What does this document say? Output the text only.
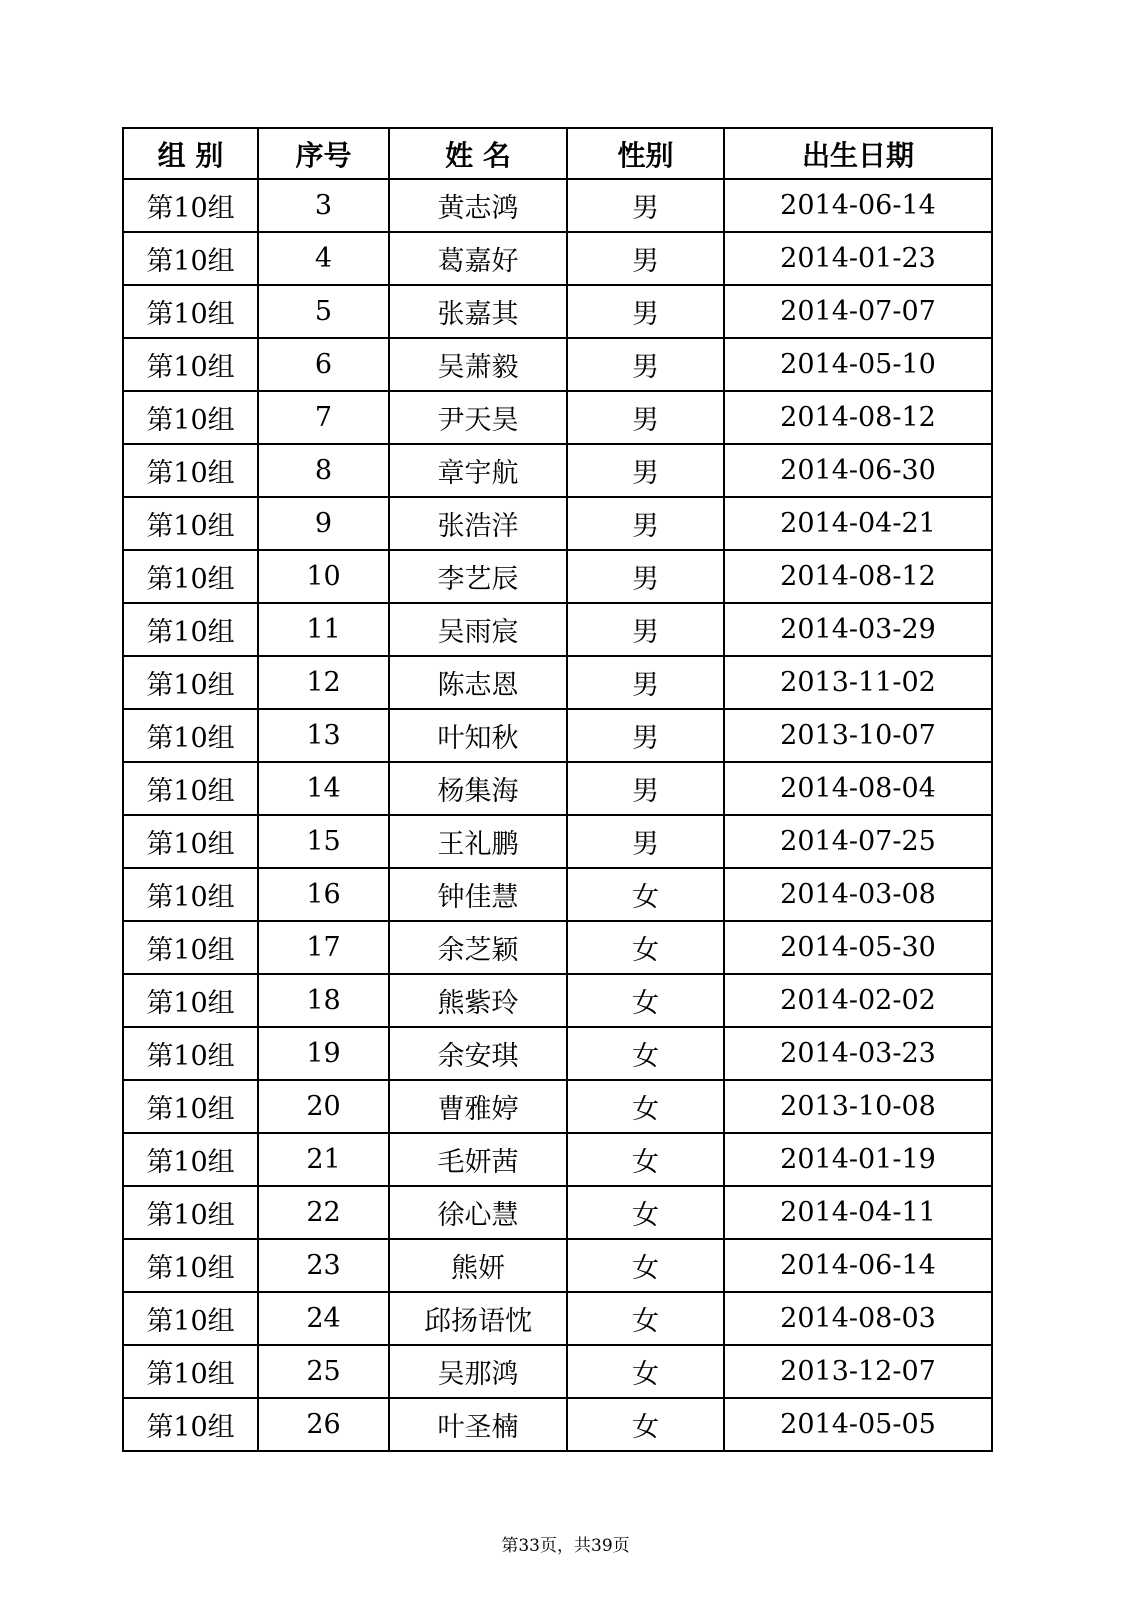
组 别	序号	姓 名	性别	出生日期
第10组	3	黄志鸿	男	2014-06-14
第10组	4	葛嘉好	男	2014-01-23
第10组	5	张嘉其	男	2014-07-07
第10组	6	吴萧毅	男	2014-05-10
第10组	7	尹天昊	男	2014-08-12
第10组	8	章宇航	男	2014-06-30
第10组	9	张浩洋	男	2014-04-21
第10组	10	李艺辰	男	2014-08-12
第10组	11	吴雨宸	男	2014-03-29
第10组	12	陈志恩	男	2013-11-02
第10组	13	叶知秋	男	2013-10-07
第10组	14	杨集海	男	2014-08-04
第10组	15	王礼鹏	男	2014-07-25
第10组	16	钟佳慧	女	2014-03-08
第10组	17	余芝颖	女	2014-05-30
第10组	18	熊紫玲	女	2014-02-02
第10组	19	余安琪	女	2014-03-23
第10组	20	曹雅婷	女	2013-10-08
第10组	21	毛妍茜	女	2014-01-19
第10组	22	徐心慧	女	2014-04-11
第10组	23	熊妍	女	2014-06-14
第10组	24	邱扬语忱	女	2014-08-03
第10组	25	吴那鸿	女	2013-12-07
第10组	26	叶圣楠	女	2014-05-05
第33页，共39页
